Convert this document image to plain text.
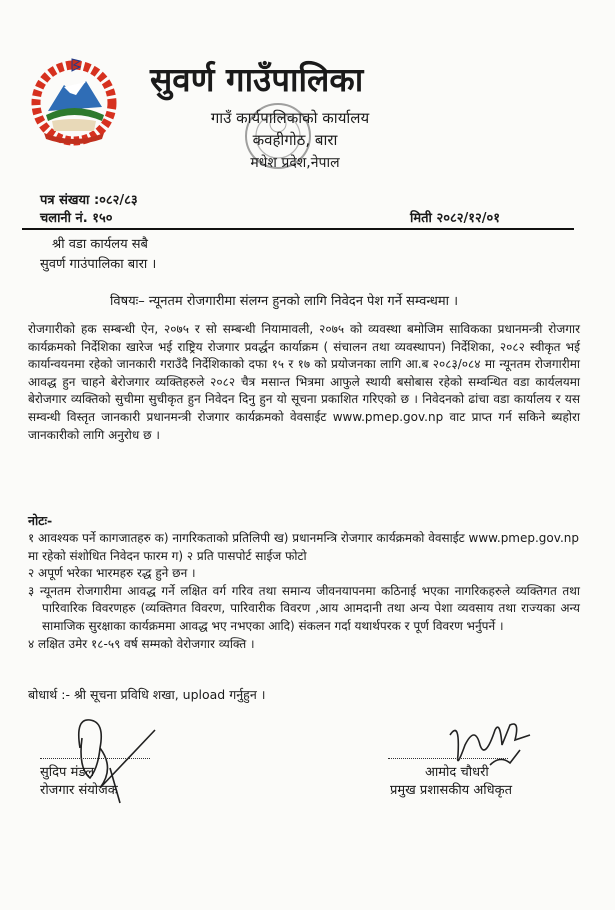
सुवर्ण गाउँपालिका
गाउँ कार्यपालिकाको कार्यालय
कवहीगोठ, बारा
मधेश प्रदेश,नेपाल
पत्र संखया :०८२/८३
चलानी नं. १५०	मिती २०८२/१२/०१
श्री वडा कार्यलय सबै
सुवर्ण गाउंपालिका बारा ।
विषयः– न्यूनतम रोजगारीमा संलग्न हुनको लागि निवेदन पेश गर्ने सम्वन्धमा ।
रोजगारीको हक सम्बन्धी ऐन, २०७५ र सो सम्बन्धी नियामावली, २०७५ को व्यवस्था बमोजिम साविकका प्रधानमन्त्री रोजगार कार्यक्रमको निर्देशिका खारेज भई राष्ट्रिय रोजगार प्रवर्द्धन कार्याक्रम ( संचालन तथा व्यवस्थापन) निर्देशिका, २०८२ स्वीकृत भई कार्यान्वयनमा रहेको जानकारी गराउँदै निर्देशिकाको दफा १५ र १७ को प्रयोजनका लागि आ.ब २०८३/०८४ मा न्यूनतम रोजगारीमा आवद्ध हुन चाहने बेरोजगार व्यक्तिहरुले २०८२ चैत्र मसान्त भित्रमा आफुले स्थायी बसोबास रहेको सम्वन्धित वडा कार्यलयमा बेरोजगार व्यक्तिको सुचीमा सुचीकृत हुन निवेदन दिनु हुन यो सूचना प्रकाशित गरिएको छ । निवेदनको ढांचा वडा कार्यालय र यस सम्वन्धी विस्तृत जानकारी प्रधानमन्त्री रोजगार कार्यक्रमको वेवसाईट www.pmep.gov.np वाट प्राप्त गर्न सकिने ब्यहोरा जानकारीको लागि अनुरोध छ ।
नोटः-
१ आवश्यक पर्ने कागजातहरु क) नागरिकताको प्रतिलिपी ख) प्रधानमन्त्रि रोजगार कार्यक्रमको वेवसाईट www.pmep.gov.np मा रहेको संशोधित निवेदन फारम ग) २ प्रति पासपोर्ट साईज फोटो
२ अपूर्ण भरेका भारमहरु रद्ध हुने छन ।
३ न्यूनतम रोजगारीमा आवद्ध गर्ने लक्षित वर्ग गरिव तथा समान्य जीवनयापनमा कठिनाई भएका नागरिकहरुले व्यक्तिगत तथा पारिवारिक विवरणहरु (व्यक्तिगत विवरण, पारिवारीक विवरण ,आय आमदानी तथा अन्य पेशा व्यवसाय तथा राज्यका अन्य सामाजिक सुरक्षाका कार्यक्रममा आवद्ध भए नभएका आदि) संकलन गर्दा यथार्थपरक र पूर्ण विवरण भर्नुपर्ने ।
४ लक्षित उमेर १८-५९ वर्ष सम्मको वेरोजगार व्यक्ति ।
बोधार्थ :- श्री सूचना प्रविधि शखा, upload गर्नुहुन ।
सुदिप मंडल
रोजगार संयोजक
आमोद चौधरी
प्रमुख प्रशासकीय अधिकृत
